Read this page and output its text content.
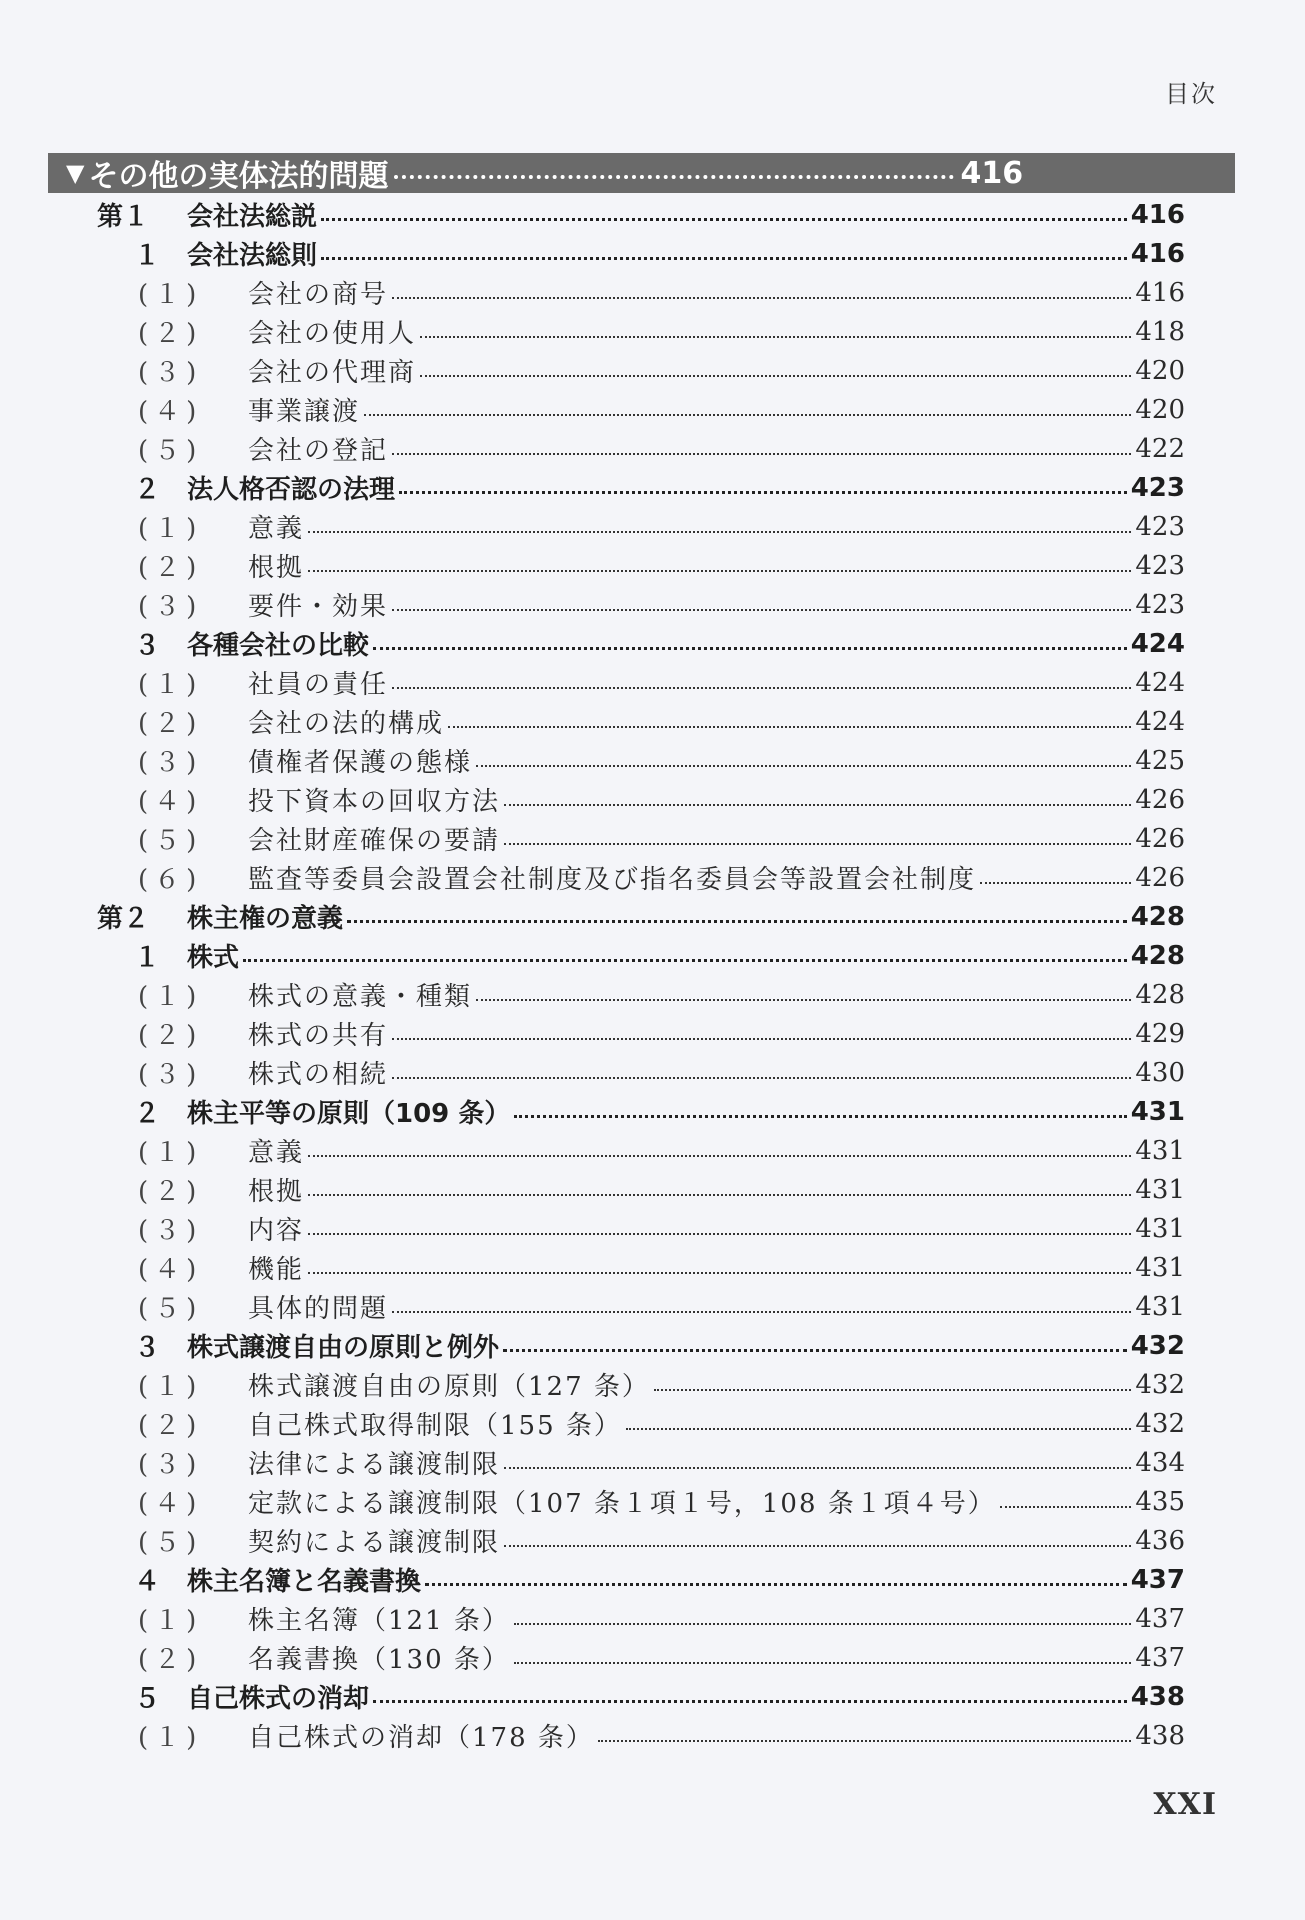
目次
▼ その他の実体法的問題	416
第１	会社法総説	416
１	会社法総則	416
(１)	会社の商号	416
(２)	会社の使用人	418
(３)	会社の代理商	420
(４)	事業譲渡	420
(５)	会社の登記	422
２	法人格否認の法理	423
(１)	意義	423
(２)	根拠	423
(３)	要件・効果	423
３	各種会社の比較	424
(１)	社員の責任	424
(２)	会社の法的構成	424
(３)	債権者保護の態様	425
(４)	投下資本の回収方法	426
(５)	会社財産確保の要請	426
(６)	監査等委員会設置会社制度及び指名委員会等設置会社制度	426
第２	株主権の意義	428
１	株式	428
(１)	株式の意義・種類	428
(２)	株式の共有	429
(３)	株式の相続	430
２	株主平等の原則（109 条）	431
(１)	意義	431
(２)	根拠	431
(３)	内容	431
(４)	機能	431
(５)	具体的問題	431
３	株式譲渡自由の原則と例外	432
(１)	株式譲渡自由の原則（127 条）	432
(２)	自己株式取得制限（155 条）	432
(３)	法律による譲渡制限	434
(４)	定款による譲渡制限（107 条１項１号，108 条１項４号）	435
(５)	契約による譲渡制限	436
４	株主名簿と名義書換	437
(１)	株主名簿（121 条）	437
(２)	名義書換（130 条）	437
５	自己株式の消却	438
(１)	自己株式の消却（178 条）	438
XXI
